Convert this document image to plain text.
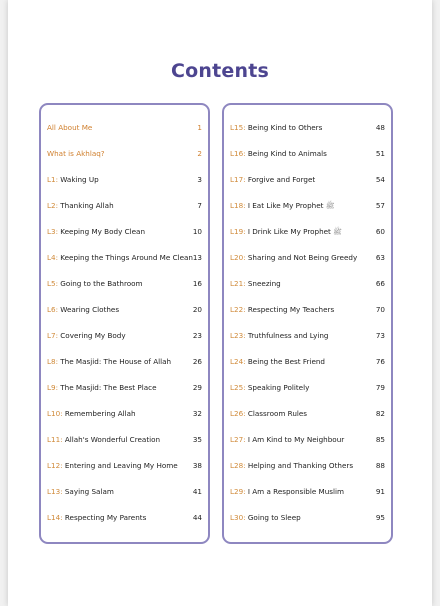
Contents
All About Me	1
What is Akhlaq?	2
L1: Waking Up	3
L2: Thanking Allah	7
L3: Keeping My Body Clean	10
L4: Keeping the Things Around Me Clean 13
L5: Going to the Bathroom	16
L6: Wearing Clothes	20
L7: Covering My Body	23
L8: The Masjid: The House of Allah	26
L9: The Masjid: The Best Place	29
L10: Remembering Allah	32
L11: Allah's Wonderful Creation	35
L12: Entering and Leaving My Home 38
L13: Saying Salam	41
L14: Respecting My Parents	44
L15: Being Kind to Others	48
L16: Being Kind to Animals	51
L17: Forgive and Forget	54
L18: I Eat Like My Prophet ﷺ	57
L19: I Drink Like My Prophet ﷺ	60
L20: Sharing and Not Being Greedy	63
L21: Sneezing	66
L22: Respecting My Teachers	70
L23: Truthfulness and Lying	73
L24: Being the Best Friend	76
L25: Speaking Politely	79
L26: Classroom Rules	82
L27: I Am Kind to My Neighbour	85
L28: Helping and Thanking Others	88
L29: I Am a Responsible Muslim	91
L30: Going to Sleep	95
